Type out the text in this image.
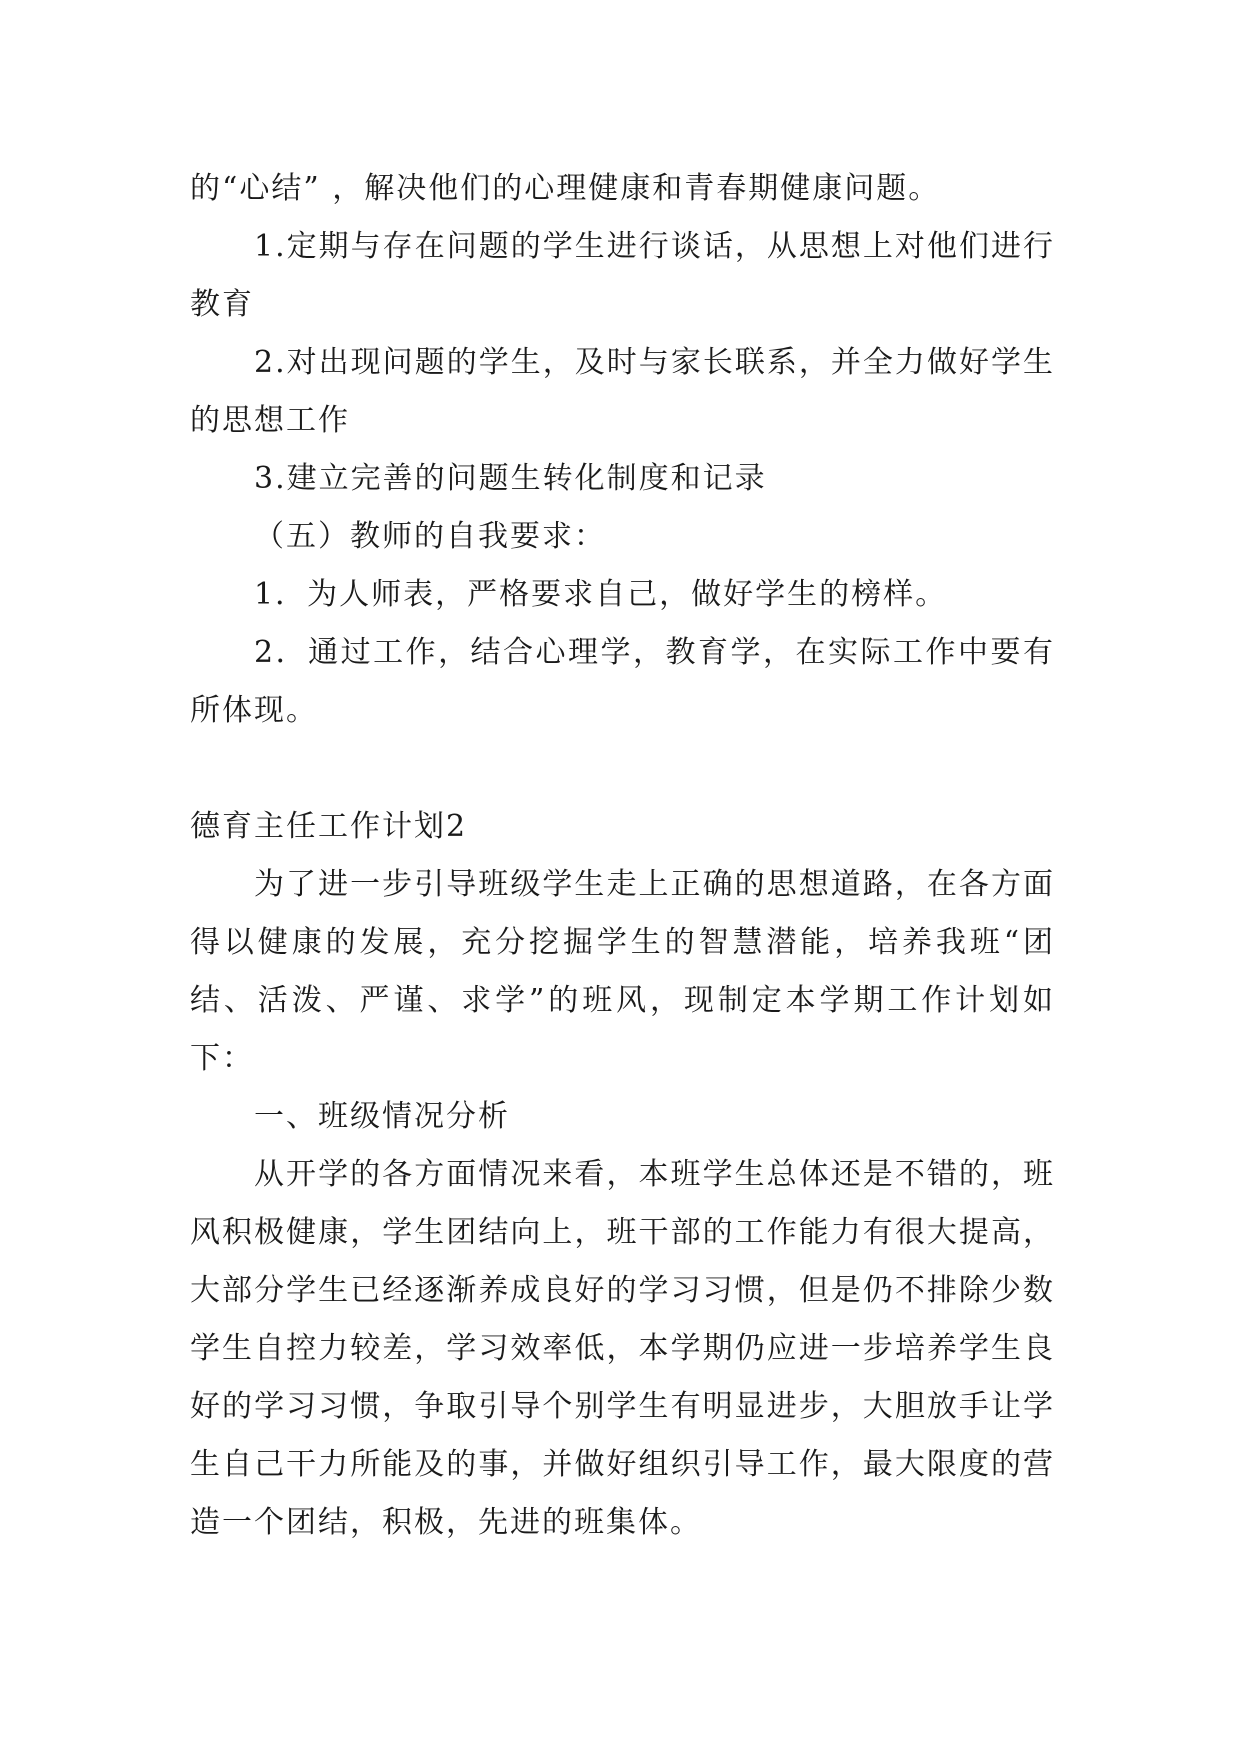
的“心结” ，解决他们的心理健康和青春期健康问题。

1.定期与存在问题的学生进行谈话，从思想上对他们进行教育

2.对出现问题的学生，及时与家长联系，并全力做好学生的思想工作

3.建立完善的问题生转化制度和记录

（五）教师的自我要求：

1．为人师表，严格要求自己，做好学生的榜样。

2．通过工作，结合心理学，教育学，在实际工作中要有所体现。

德育主任工作计划2

为了进一步引导班级学生走上正确的思想道路，在各方面得以健康的发展，充分挖掘学生的智慧潜能，培养我班“团结、活泼、严谨、求学”的班风，现制定本学期工作计划如下：

一、班级情况分析

从开学的各方面情况来看，本班学生总体还是不错的，班风积极健康，学生团结向上，班干部的工作能力有很大提高，大部分学生已经逐渐养成良好的学习习惯，但是仍不排除少数学生自控力较差，学习效率低，本学期仍应进一步培养学生良好的学习习惯，争取引导个别学生有明显进步，大胆放手让学生自己干力所能及的事，并做好组织引导工作，最大限度的营造一个团结，积极，先进的班集体。
